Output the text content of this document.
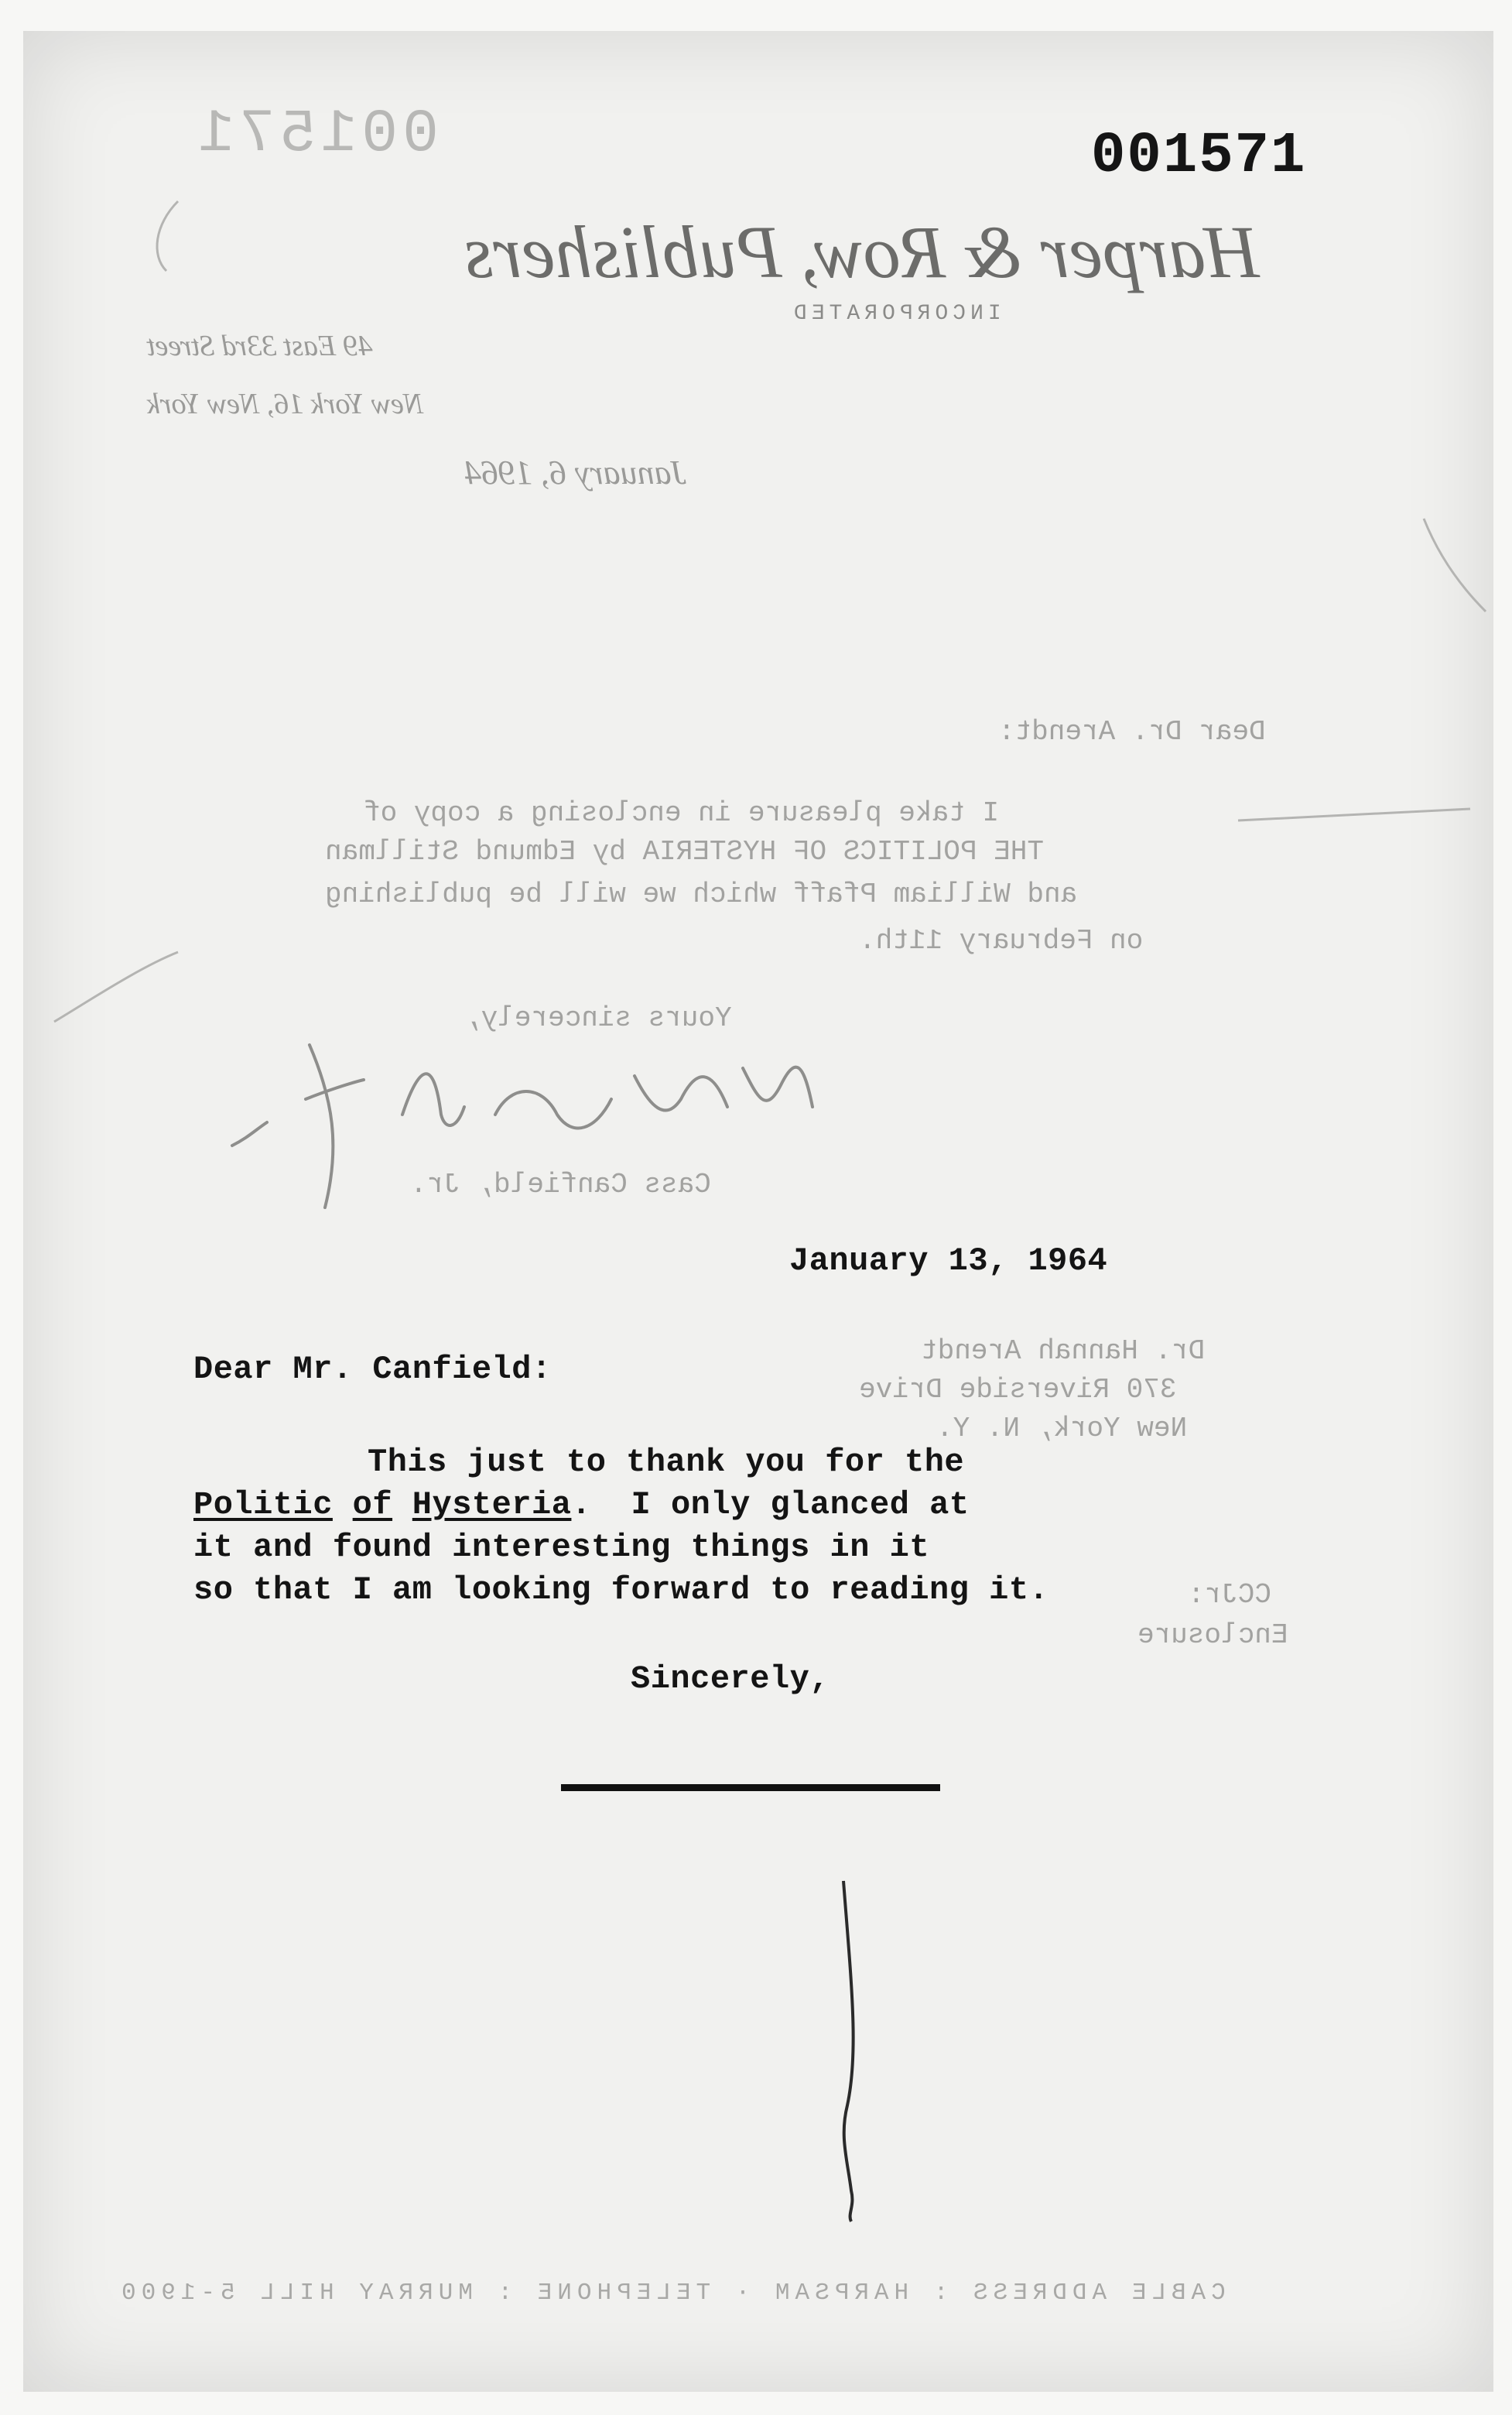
001571	001571
Harper & Row, Publishers
INCORPORATED
49 East 33rd Street
New York 16, New York
January 6, 1964
Dear Dr. Arendt:
I take pleasure in enclosing a copy of
THE POLITICS OF HYSTERIA by Edmund Stillman
and William Pfaff which we will be publishing
on February 11th.
Yours sincerely,
Cass Canfield, Jr.
Dr. Hannah Arendt
370 Riverside Drive
New York, N. Y.
CCJr:
Enclosure
CABLE ADDRESS : HARPSAM · TELEPHONE : MURRAY HILL 5-1900
January 13, 1964
Dear Mr. Canfield:
This just to thank you for the
Politic of Hysteria.  I only glanced at
it and found interesting things in it
so that I am looking forward to reading it.
Sincerely,
